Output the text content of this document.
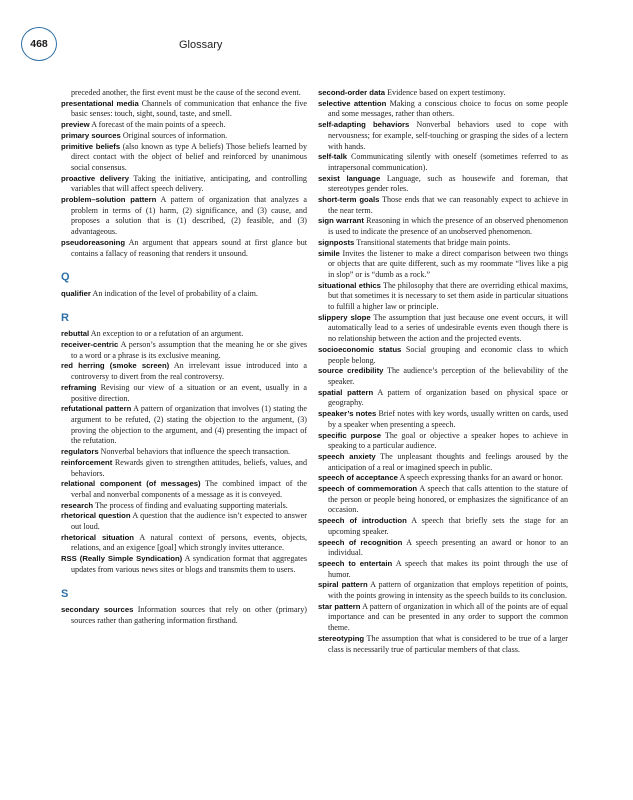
468	Glossary

preceded another, the first event must be the cause of the second event.

presentational media Channels of communication that enhance the five basic senses: touch, sight, sound, taste, and smell.

preview A forecast of the main points of a speech.

primary sources Original sources of information.

primitive beliefs (also known as type A beliefs) Those beliefs learned by direct contact with the object of belief and reinforced by unanimous social consensus.

proactive delivery Taking the initiative, anticipating, and controlling variables that will affect speech delivery.

problem–solution pattern A pattern of organization that analyzes a problem in terms of (1) harm, (2) significance, and (3) cause, and proposes a solution that is (1) described, (2) feasible, and (3) advantageous.

pseudoreasoning An argument that appears sound at first glance but contains a fallacy of reasoning that renders it unsound.

Q

qualifier An indication of the level of probability of a claim.

R

rebuttal An exception to or a refutation of an argument.

receiver-centric A person’s assumption that the meaning he or she gives to a word or a phrase is its exclusive meaning.

red herring (smoke screen) An irrelevant issue introduced into a controversy to divert from the real controversy.

reframing Revising our view of a situation or an event, usually in a positive direction.

refutational pattern A pattern of organization that involves (1) stating the argument to be refuted, (2) stating the objection to the argument, (3) proving the objection to the argument, and (4) presenting the impact of the refutation.

regulators Nonverbal behaviors that influence the speech transaction.

reinforcement Rewards given to strengthen attitudes, beliefs, values, and behaviors.

relational component (of messages) The combined impact of the verbal and nonverbal components of a message as it is conveyed.

research The process of finding and evaluating supporting materials.

rhetorical question A question that the audience isn’t expected to answer out loud.

rhetorical situation A natural context of persons, events, objects, relations, and an exigence [goal] which strongly invites utterance.

RSS (Really Simple Syndication) A syndication format that aggregates updates from various news sites or blogs and transmits them to users.

S

secondary sources Information sources that rely on other (primary) sources rather than gathering information firsthand.

second-order data Evidence based on expert testimony.

selective attention Making a conscious choice to focus on some people and some messages, rather than others.

self-adapting behaviors Nonverbal behaviors used to cope with nervousness; for example, self-touching or grasping the sides of a lectern with hands.

self-talk Communicating silently with oneself (sometimes referred to as intrapersonal communication).

sexist language Language, such as housewife and foreman, that stereotypes gender roles.

short-term goals Those ends that we can reasonably expect to achieve in the near term.

sign warrant Reasoning in which the presence of an observed phenomenon is used to indicate the presence of an unobserved phenomenon.

signposts Transitional statements that bridge main points.

simile Invites the listener to make a direct comparison between two things or objects that are quite different, such as my roommate “lives like a pig in slop” or is “dumb as a rock.”

situational ethics The philosophy that there are overriding ethical maxims, but that sometimes it is necessary to set them aside in particular situations to fulfill a higher law or principle.

slippery slope The assumption that just because one event occurs, it will automatically lead to a series of undesirable events even though there is no relationship between the action and the projected events.

socioeconomic status Social grouping and economic class to which people belong.

source credibility The audience’s perception of the believability of the speaker.

spatial pattern A pattern of organization based on physical space or geography.

speaker’s notes Brief notes with key words, usually written on cards, used by a speaker when presenting a speech.

specific purpose The goal or objective a speaker hopes to achieve in speaking to a particular audience.

speech anxiety The unpleasant thoughts and feelings aroused by the anticipation of a real or imagined speech in public.

speech of acceptance A speech expressing thanks for an award or honor.

speech of commemoration A speech that calls attention to the stature of the person or people being honored, or emphasizes the significance of an occasion.

speech of introduction A speech that briefly sets the stage for an upcoming speaker.

speech of recognition A speech presenting an award or honor to an individual.

speech to entertain A speech that makes its point through the use of humor.

spiral pattern A pattern of organization that employs repetition of points, with the points growing in intensity as the speech builds to its conclusion.

star pattern A pattern of organization in which all of the points are of equal importance and can be presented in any order to support the common theme.

stereotyping The assumption that what is considered to be true of a larger class is necessarily true of particular members of that class.
